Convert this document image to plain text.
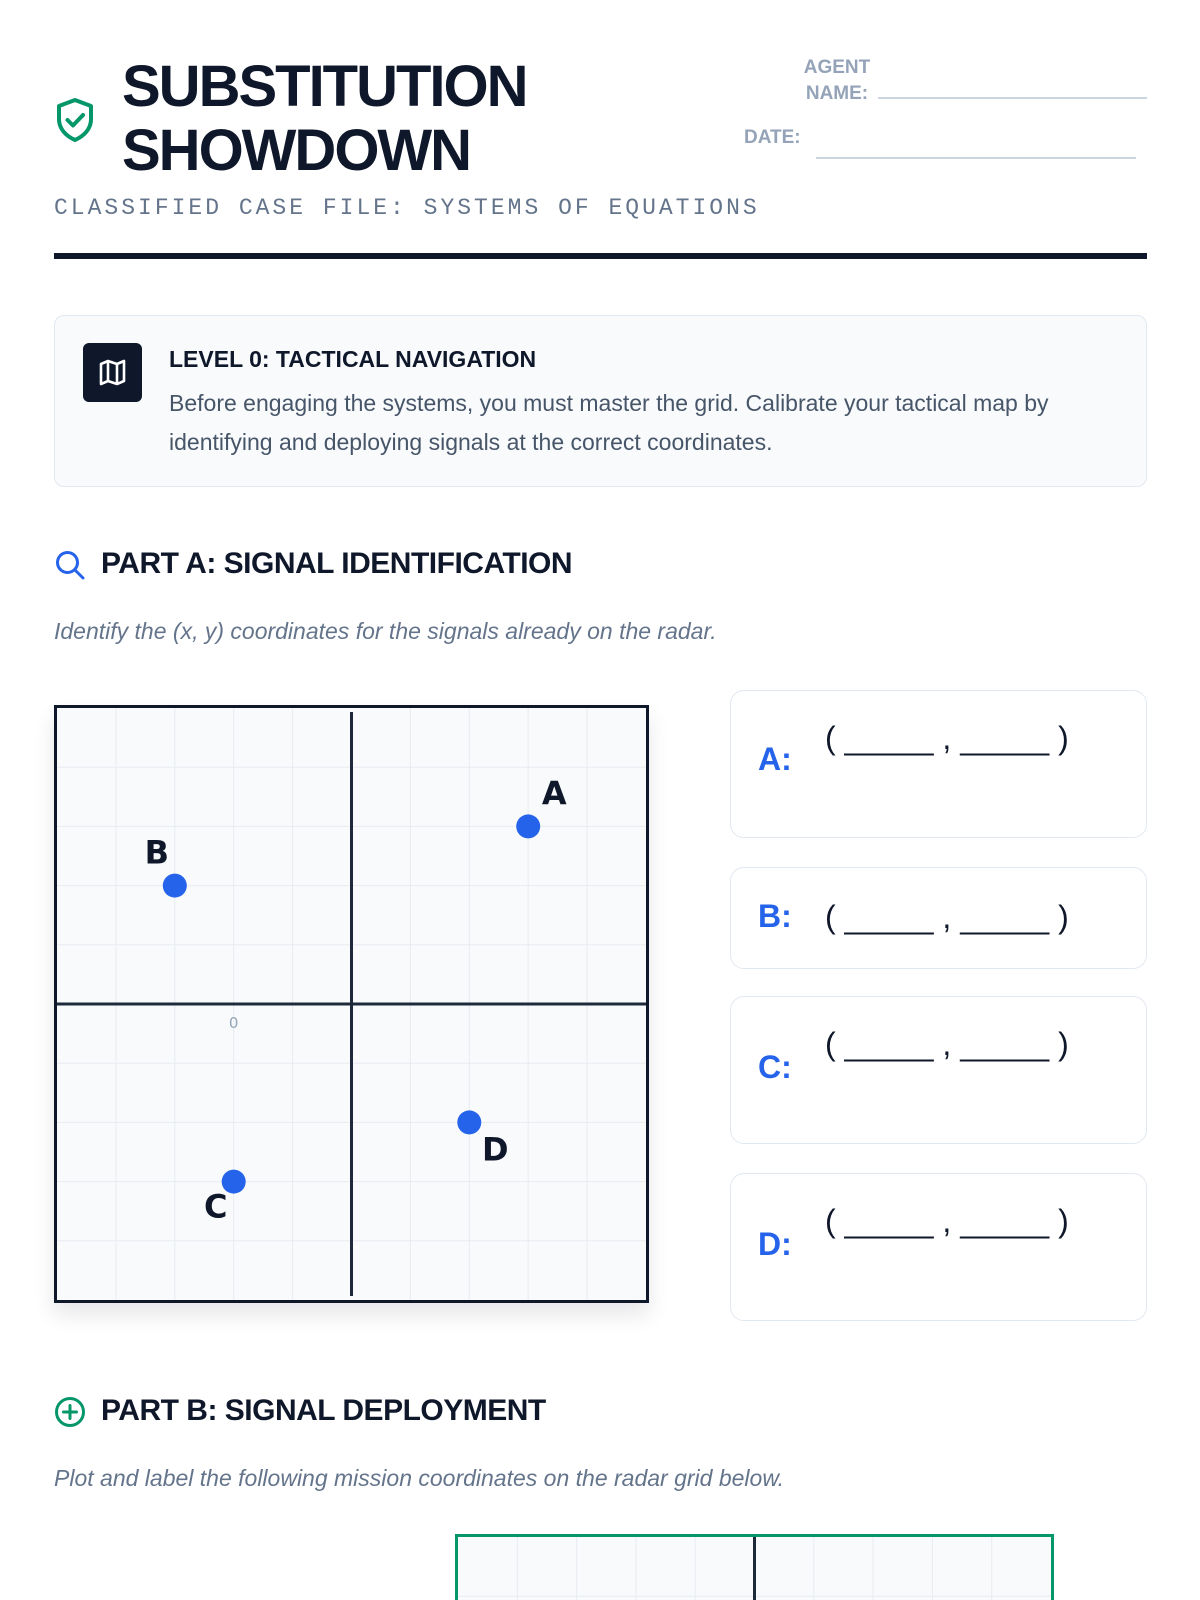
SUBSTITUTION
SHOWDOWN
CLASSIFIED CASE FILE: SYSTEMS OF EQUATIONS
AGENT NAME:
DATE:
LEVEL 0: TACTICAL NAVIGATION
Before engaging the systems, you must master the grid. Calibrate your tactical map by identifying and deploying signals at the correct coordinates.
PART A: SIGNAL IDENTIFICATION
Identify the (x, y) coordinates for the signals already on the radar.
0
A
B
C
D
A:
( _____ , _____ )
B: ( _____ , _____ )
C:
( _____ , _____ )
D:
( _____ , _____ )
PART B: SIGNAL DEPLOYMENT
Plot and label the following mission coordinates on the radar grid below.
